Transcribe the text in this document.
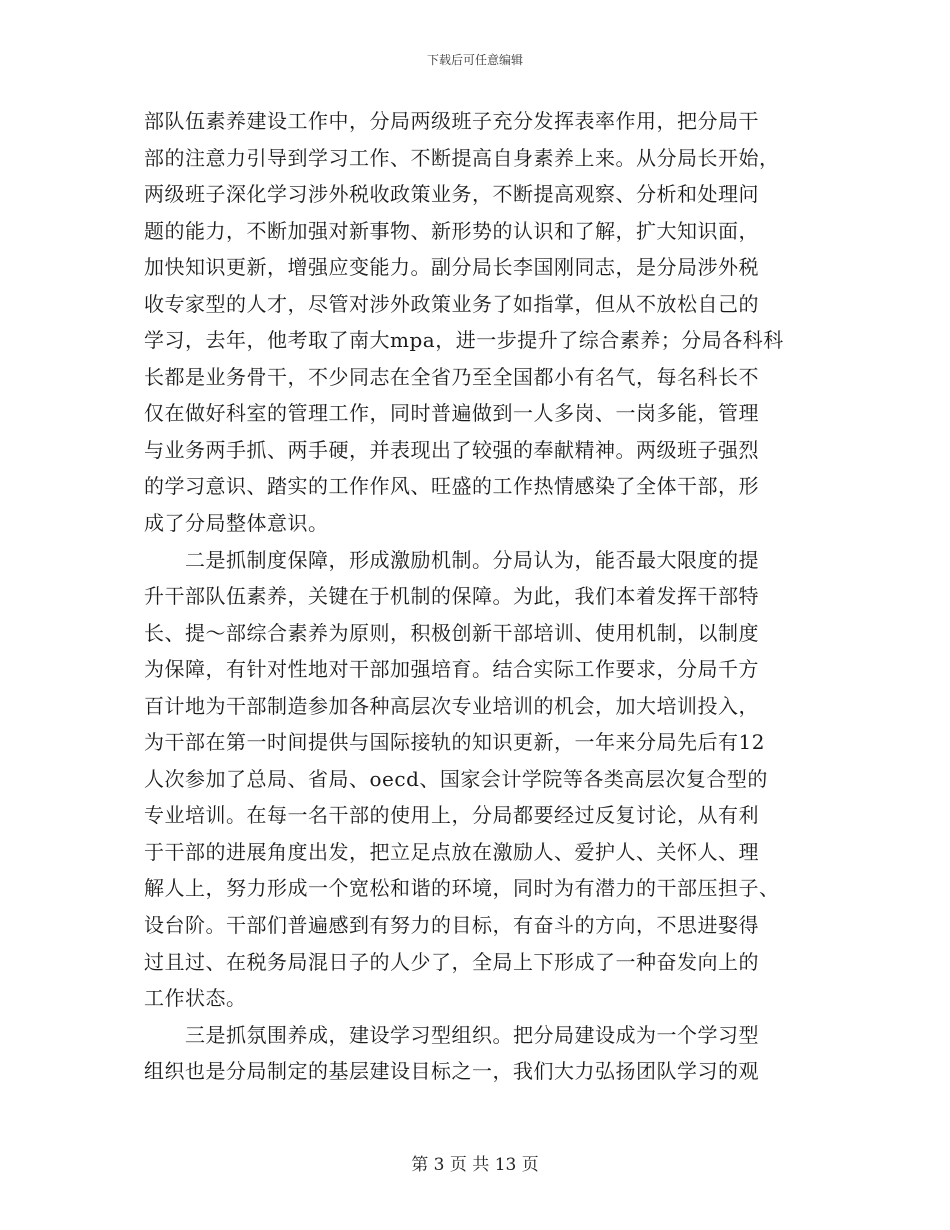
下载后可任意编辑
部队伍素养建设工作中，分局两级班子充分发挥表率作用，把分局干
部的注意力引导到学习工作、不断提高自身素养上来。从分局长开始，
两级班子深化学习涉外税收政策业务，不断提高观察、分析和处理问
题的能力，不断加强对新事物、新形势的认识和了解，扩大知识面，
加快知识更新，增强应变能力。副分局长李国刚同志，是分局涉外税
收专家型的人才，尽管对涉外政策业务了如指掌，但从不放松自己的
学习，去年，他考取了南大mpa，进一步提升了综合素养；分局各科科
长都是业务骨干，不少同志在全省乃至全国都小有名气，每名科长不
仅在做好科室的管理工作，同时普遍做到一人多岗、一岗多能，管理
与业务两手抓、两手硬，并表现出了较强的奉献精神。两级班子强烈
的学习意识、踏实的工作作风、旺盛的工作热情感染了全体干部，形
成了分局整体意识。
二是抓制度保障，形成激励机制。分局认为，能否最大限度的提
升干部队伍素养，关键在于机制的保障。为此，我们本着发挥干部特
长、提～部综合素养为原则，积极创新干部培训、使用机制，以制度
为保障，有针对性地对干部加强培育。结合实际工作要求，分局千方
百计地为干部制造参加各种高层次专业培训的机会，加大培训投入，
为干部在第一时间提供与国际接轨的知识更新，一年来分局先后有12
人次参加了总局、省局、oecd、国家会计学院等各类高层次复合型的
专业培训。在每一名干部的使用上，分局都要经过反复讨论，从有利
于干部的进展角度出发，把立足点放在激励人、爱护人、关怀人、理
解人上，努力形成一个宽松和谐的环境，同时为有潜力的干部压担子、
设台阶。干部们普遍感到有努力的目标，有奋斗的方向，不思进娶得
过且过、在税务局混日子的人少了，全局上下形成了一种奋发向上的
工作状态。
三是抓氛围养成，建设学习型组织。把分局建设成为一个学习型
组织也是分局制定的基层建设目标之一，我们大力弘扬团队学习的观
第 3 页 共 13 页
